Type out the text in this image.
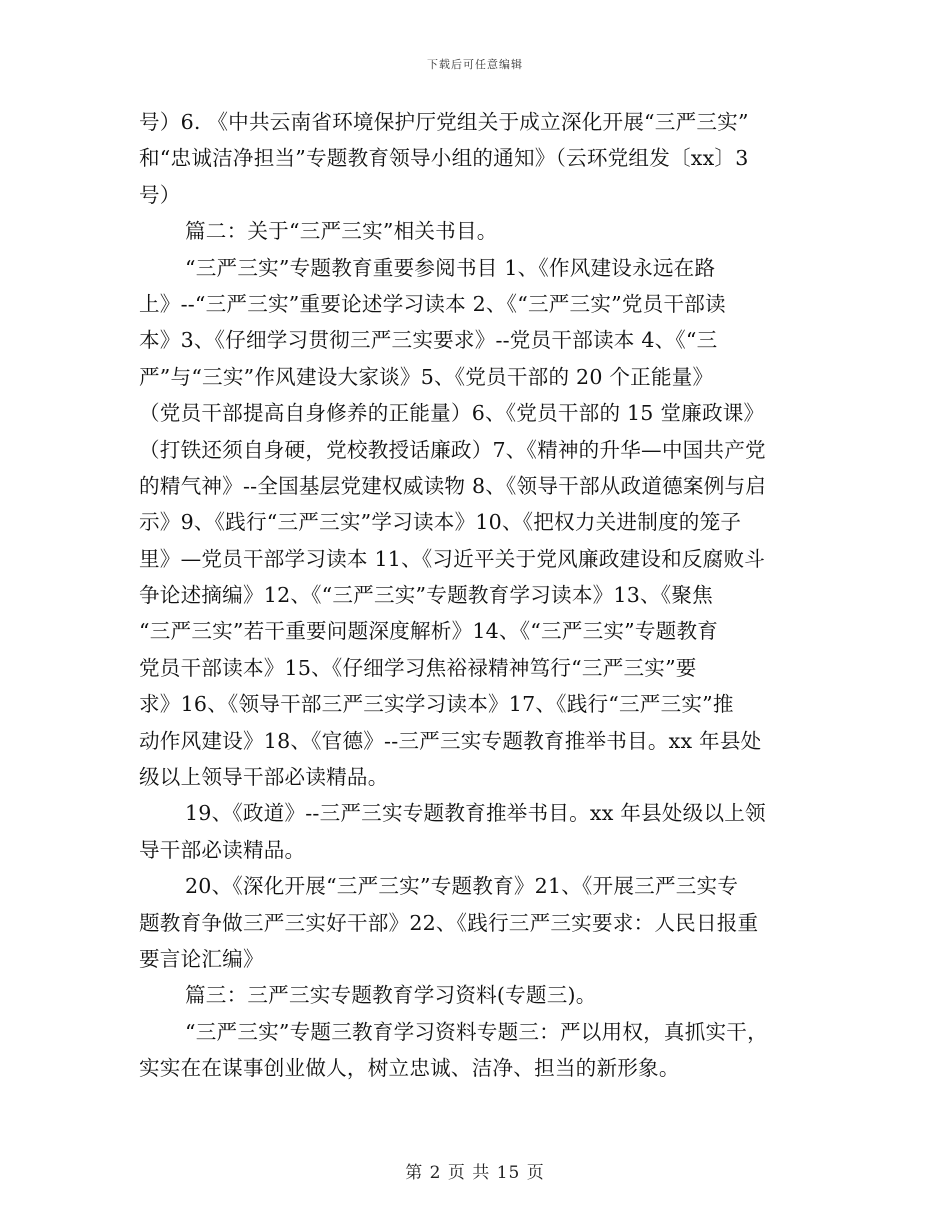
下载后可任意编辑
号）6. 《中共云南省环境保护厅党组关于成立深化开展“三严三实”
和“忠诚洁净担当”专题教育领导小组的通知》（云环党组发〔xx〕3
号）
篇二：关于“三严三实”相关书目。
“三严三实”专题教育重要参阅书目 1、《作风建设永远在路
上》--“三严三实”重要论述学习读本 2、《“三严三实”党员干部读
本》3、《仔细学习贯彻三严三实要求》--党员干部读本 4、《“三
严”与“三实”作风建设大家谈》5、《党员干部的 20 个正能量》
（党员干部提高自身修养的正能量）6、《党员干部的 15 堂廉政课》
（打铁还须自身硬，党校教授话廉政）7、《精神的升华—中国共产党
的精气神》--全国基层党建权威读物 8、《领导干部从政道德案例与启
示》9、《践行“三严三实”学习读本》10、《把权力关进制度的笼子
里》—党员干部学习读本 11、《习近平关于党风廉政建设和反腐败斗
争论述摘编》12、《“三严三实”专题教育学习读本》13、《聚焦
“三严三实”若干重要问题深度解析》14、《“三严三实”专题教育
党员干部读本》15、《仔细学习焦裕禄精神笃行“三严三实”要
求》16、《领导干部三严三实学习读本》17、《践行“三严三实”推
动作风建设》18、《官德》--三严三实专题教育推举书目。xx 年县处
级以上领导干部必读精品。
19、《政道》--三严三实专题教育推举书目。xx 年县处级以上领
导干部必读精品。
20、《深化开展“三严三实”专题教育》21、《开展三严三实专
题教育争做三严三实好干部》22、《践行三严三实要求：人民日报重
要言论汇编》
篇三：三严三实专题教育学习资料(专题三)。
“三严三实”专题三教育学习资料专题三：严以用权，真抓实干，
实实在在谋事创业做人，树立忠诚、洁净、担当的新形象。
第 2 页 共 15 页
